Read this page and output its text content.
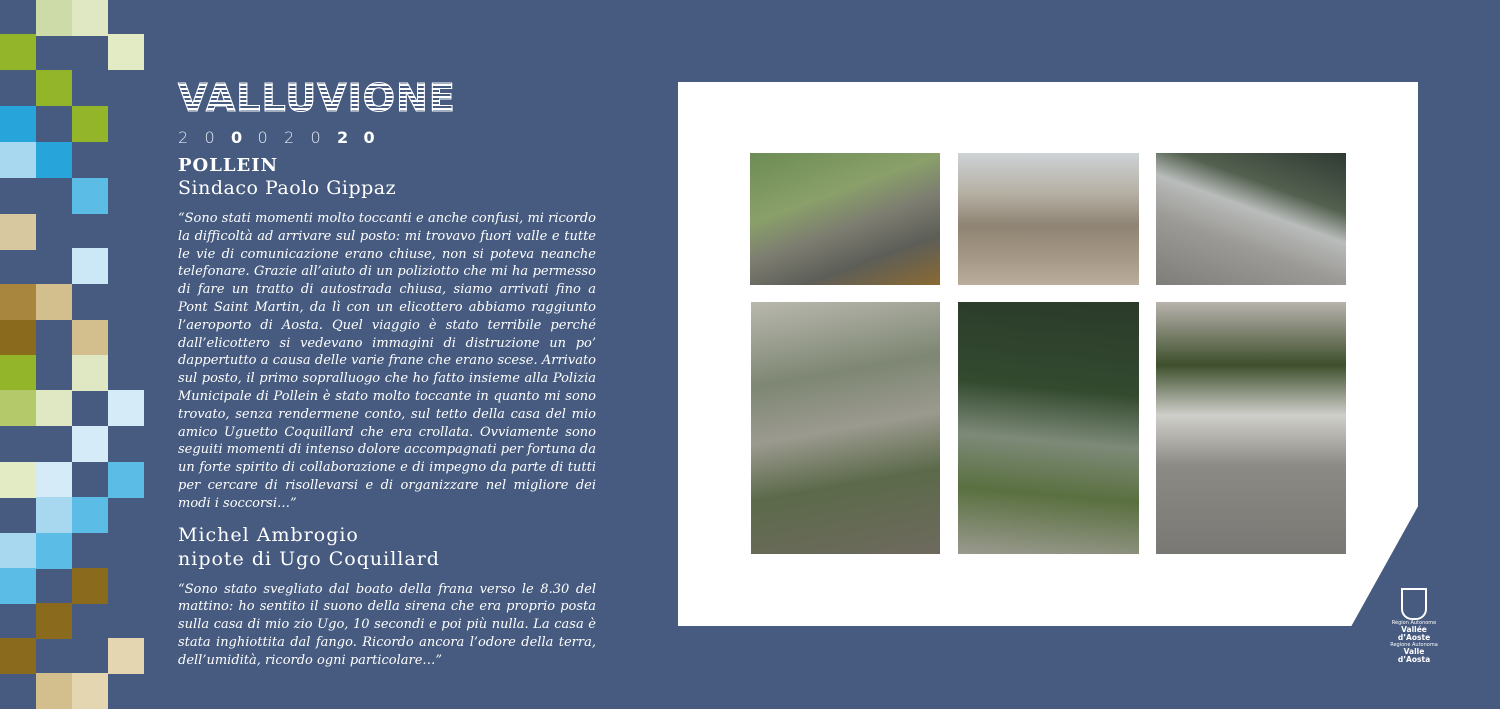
VALLUVIONE
2	0	0 0	2	0	2 0
POLLEIN
Sindaco Paolo Gippaz

“Sono stati momenti molto toccanti e anche confusi, mi ricordo la difficoltà ad arrivare sul posto: mi trovavo fuori valle e tutte le vie di comunicazione erano chiuse, non si poteva neanche telefonare. Grazie all’aiuto di un poliziotto che mi ha permesso di fare un tratto di autostrada chiusa, siamo arrivati fino a Pont Saint Martin, da lì con un elicottero abbiamo raggiunto l’aeroporto di Aosta. Quel viaggio è stato terribile perché dall’elicottero si vedevano immagini di distruzione un po’ dappertutto a causa delle varie frane che erano scese. Arrivato sul posto, il primo sopralluogo che ho fatto insieme alla Polizia Municipale di Pollein è stato molto toccante in quanto mi sono trovato, senza rendermene conto, sul tetto della casa del mio amico Uguetto Coquillard che era crollata. Ovviamente sono seguiti momenti di intenso dolore accompagnati per fortuna da un forte spirito di collaborazione e di impegno da parte di tutti per cercare di risollevarsi e di organizzare nel migliore dei modi i soccorsi…”

Michel Ambrogio
nipote di Ugo Coquillard

“Sono stato svegliato dal boato della frana verso le 8.30 del mattino: ho sentito il suono della sirena che era proprio posta sulla casa di mio zio Ugo, 10 secondi e poi più nulla. La casa è stata inghiottita dal fango. Ricordo ancora l’odore della terra, dell’umidità, ricordo ogni particolare…”

Région Autonome
Vallée d’Aoste
Regione Autonoma
Valle d’Aosta
